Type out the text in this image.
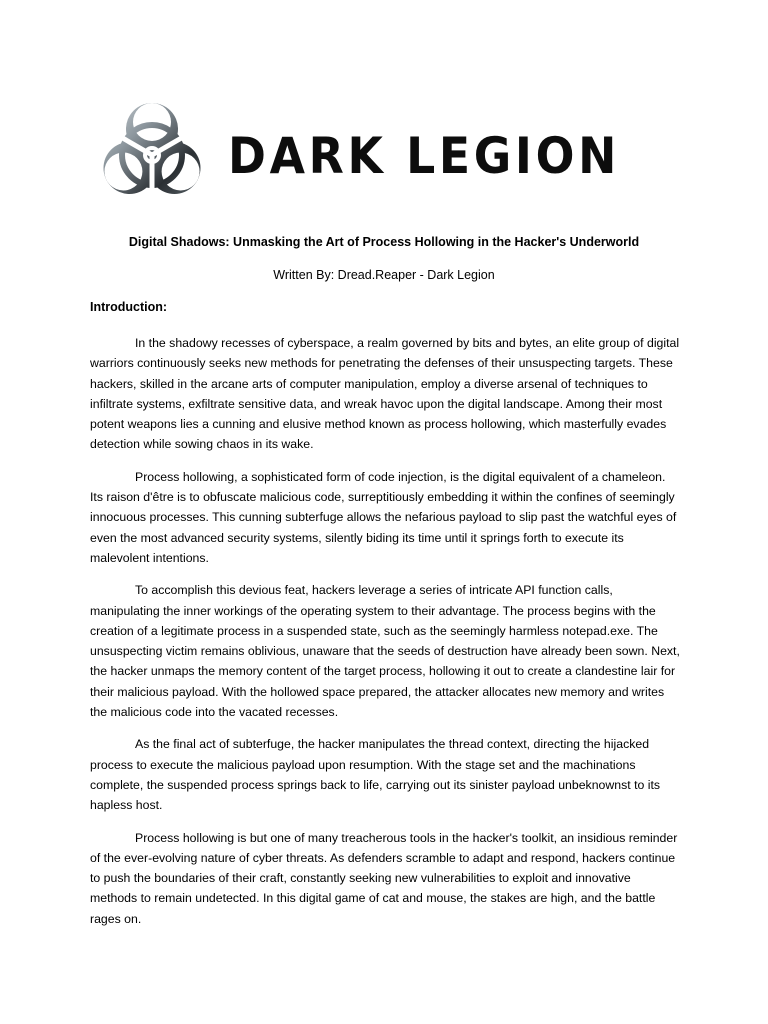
DARK LEGION
Digital Shadows: Unmasking the Art of Process Hollowing in the Hacker's Underworld
Written By: Dread.Reaper - Dark Legion
Introduction:

In the shadowy recesses of cyberspace, a realm governed by bits and bytes, an elite group of digital warriors continuously seeks new methods for penetrating the defenses of their unsuspecting targets. These hackers, skilled in the arcane arts of computer manipulation, employ a diverse arsenal of techniques to infiltrate systems, exfiltrate sensitive data, and wreak havoc upon the digital landscape. Among their most potent weapons lies a cunning and elusive method known as process hollowing, which masterfully evades detection while sowing chaos in its wake.

Process hollowing, a sophisticated form of code injection, is the digital equivalent of a chameleon. Its raison d'être is to obfuscate malicious code, surreptitiously embedding it within the confines of seemingly innocuous processes. This cunning subterfuge allows the nefarious payload to slip past the watchful eyes of even the most advanced security systems, silently biding its time until it springs forth to execute its malevolent intentions.

To accomplish this devious feat, hackers leverage a series of intricate API function calls, manipulating the inner workings of the operating system to their advantage. The process begins with the creation of a legitimate process in a suspended state, such as the seemingly harmless notepad.exe. The unsuspecting victim remains oblivious, unaware that the seeds of destruction have already been sown. Next, the hacker unmaps the memory content of the target process, hollowing it out to create a clandestine lair for their malicious payload. With the hollowed space prepared, the attacker allocates new memory and writes the malicious code into the vacated recesses.

As the final act of subterfuge, the hacker manipulates the thread context, directing the hijacked process to execute the malicious payload upon resumption. With the stage set and the machinations complete, the suspended process springs back to life, carrying out its sinister payload unbeknownst to its hapless host.

Process hollowing is but one of many treacherous tools in the hacker's toolkit, an insidious reminder of the ever-evolving nature of cyber threats. As defenders scramble to adapt and respond, hackers continue to push the boundaries of their craft, constantly seeking new vulnerabilities to exploit and innovative methods to remain undetected. In this digital game of cat and mouse, the stakes are high, and the battle rages on.
